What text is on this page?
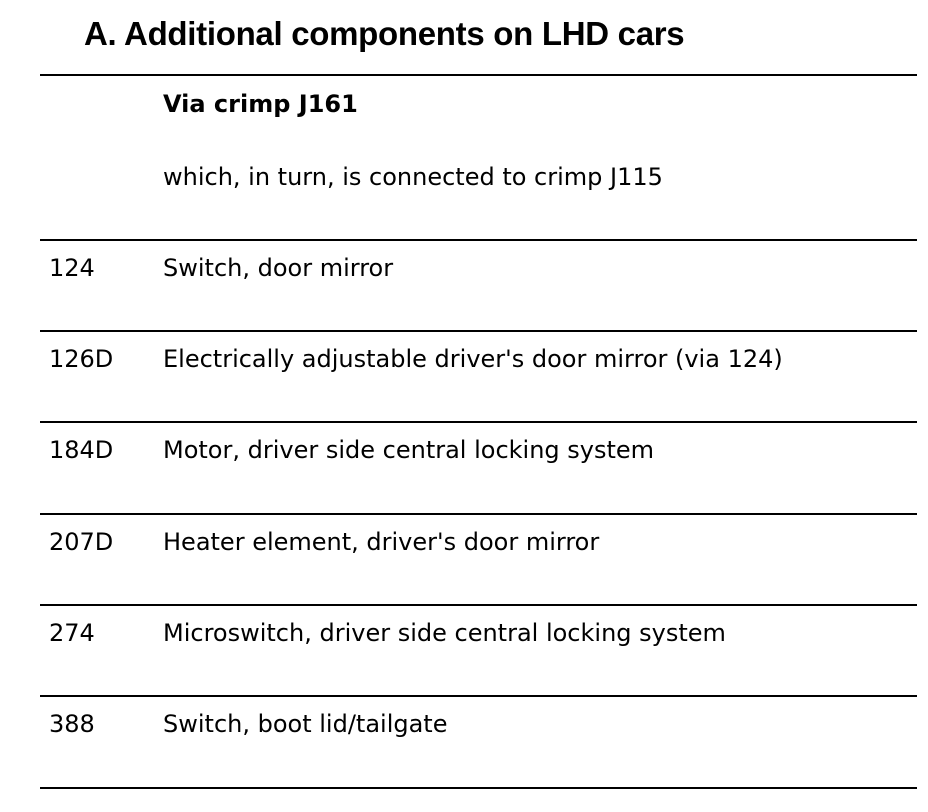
A. Additional components on LHD cars
Via crimp J161
which, in turn, is connected to crimp J115
124	Switch, door mirror
126D Electrically adjustable driver's door mirror (via 124)
184D Motor, driver side central locking system
207D Heater element, driver's door mirror
274	Microswitch, driver side central locking system
388	Switch, boot lid/tailgate
